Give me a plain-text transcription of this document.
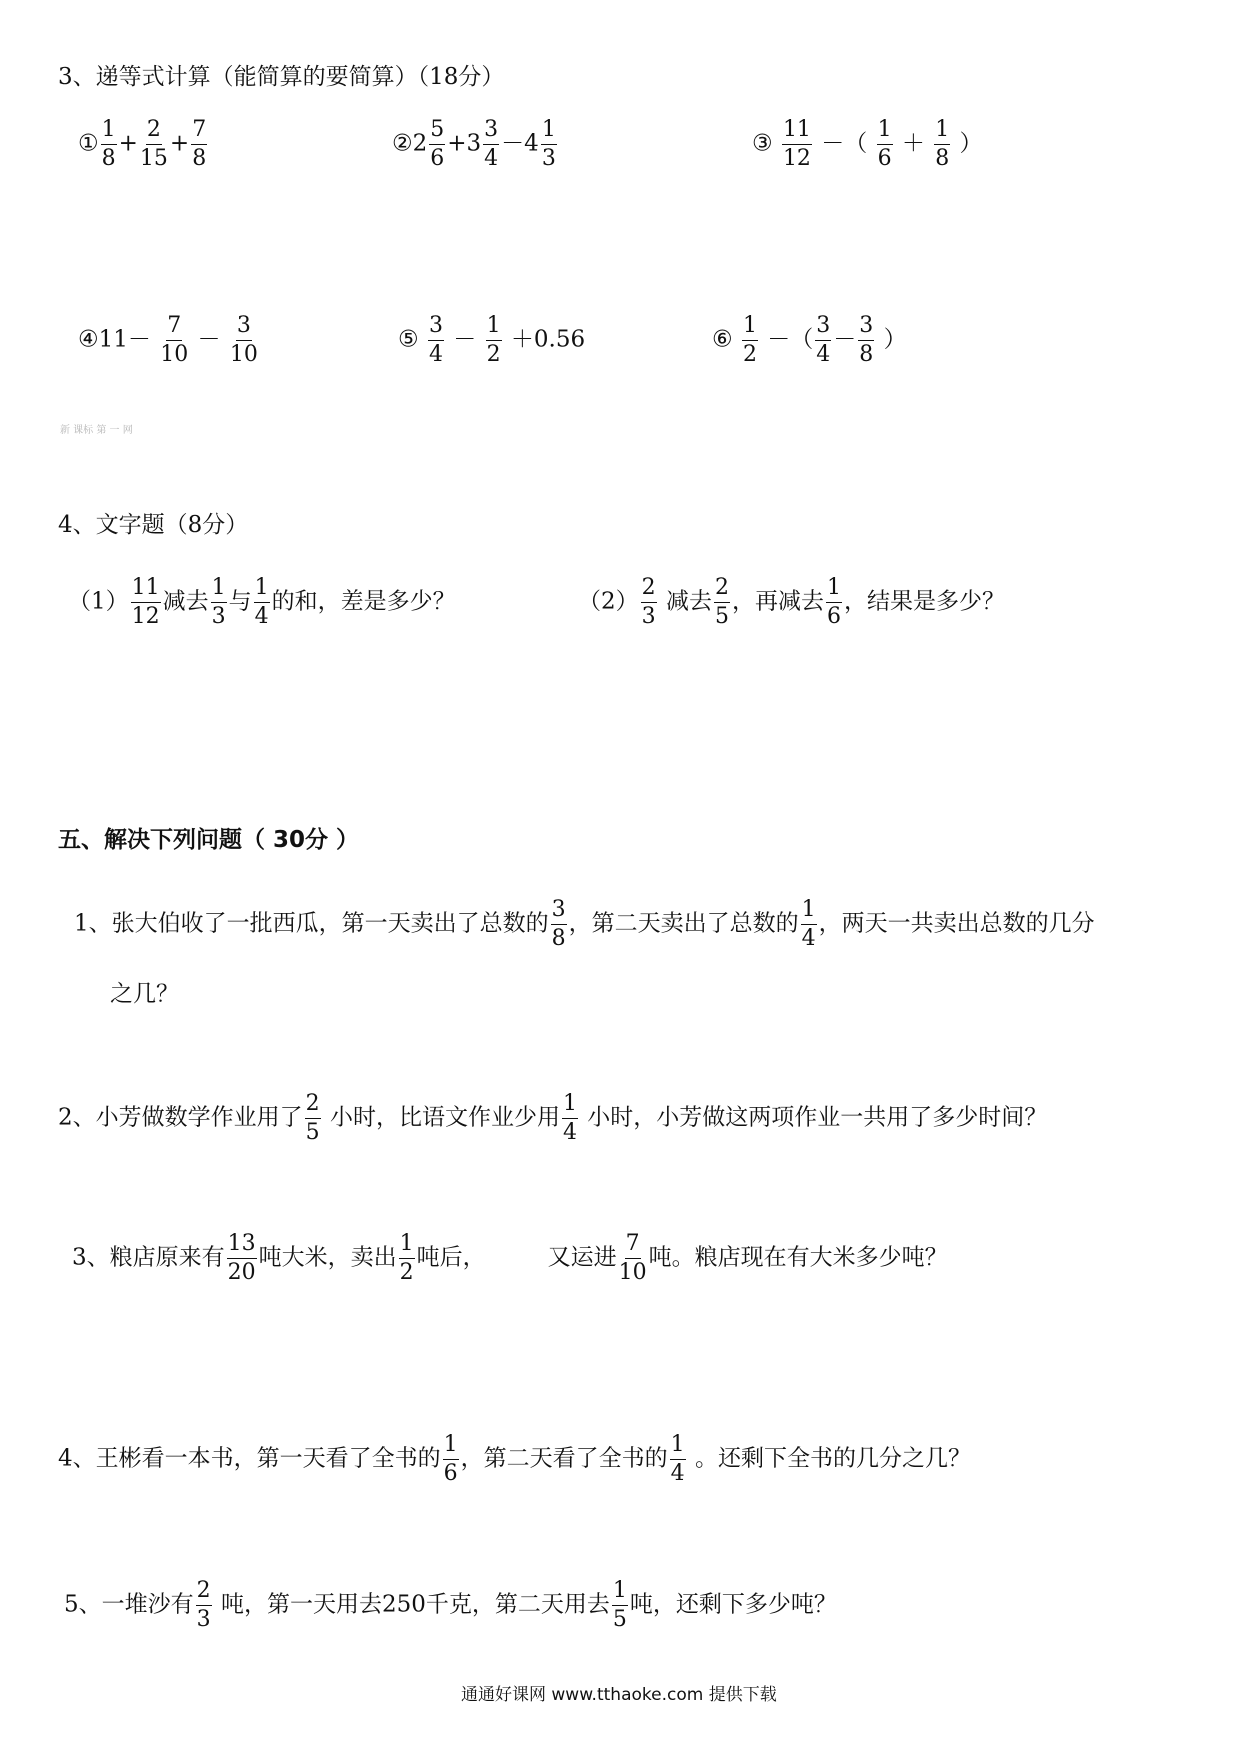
3、递等式计算（能简算的要简算）（18分）
① $\frac{1}{8} + \frac{2}{15} + \frac{7}{8}$	②2 $\frac{5}{6} +3 \frac{3}{4} -4 \frac{1}{3}$	③ $\frac{11}{12}$ －（ $\frac{1}{6} + \frac{1}{8}$ ）
④11－ $\frac{7}{10} - \frac{3}{10}$	⑤ $\frac{3}{4} - \frac{1}{2} +0.56$	⑥ $\frac{1}{2}$ －（ $\frac{3}{4} - \frac{3}{8}$ ）
新 课标 第 一 网
4、文字题（8分）
$(1) \frac{11}{12}$ 减去 $\frac{1}{3}$ 与 $\frac{1}{4}$ 的和，差是多少？	$(2) \frac{2}{3}$ 减去 $\frac{2}{5}$ ，再减去 $\frac{1}{6}$ ，结果是多少？
五、解决下列问题（ 30分 ）
1、张大伯收了一批西瓜，第一天卖出了总数的 $\frac{3}{8}$ ，第二天卖出了总数的 $\frac{1}{4}$ ，两天一共卖出总数的几分
之几？
2、小芳做数学作业用了 $\frac{2}{5}$ 小时，比语文作业少用 $\frac{1}{4}$ 小时，小芳做这两项作业一共用了多少时间？
3、粮店原来有 $\frac{13}{20}$ 吨大米，卖出 $\frac{1}{2}$ 吨后，	又运进 $\frac{7}{10}$ 吨。粮店现在有大米多少吨？
4、王彬看一本书，第一天看了全书的 $\frac{1}{6}$ ，第二天看了全书的 $\frac{1}{4}$ 。还剩下全书的几分之几？
5、一堆沙有 $\frac{2}{3}$ 吨，第一天用去250千克，第二天用去 $\frac{1}{5}$ 吨，还剩下多少吨？
通通好课网 www.tthaoke.com 提供下载
